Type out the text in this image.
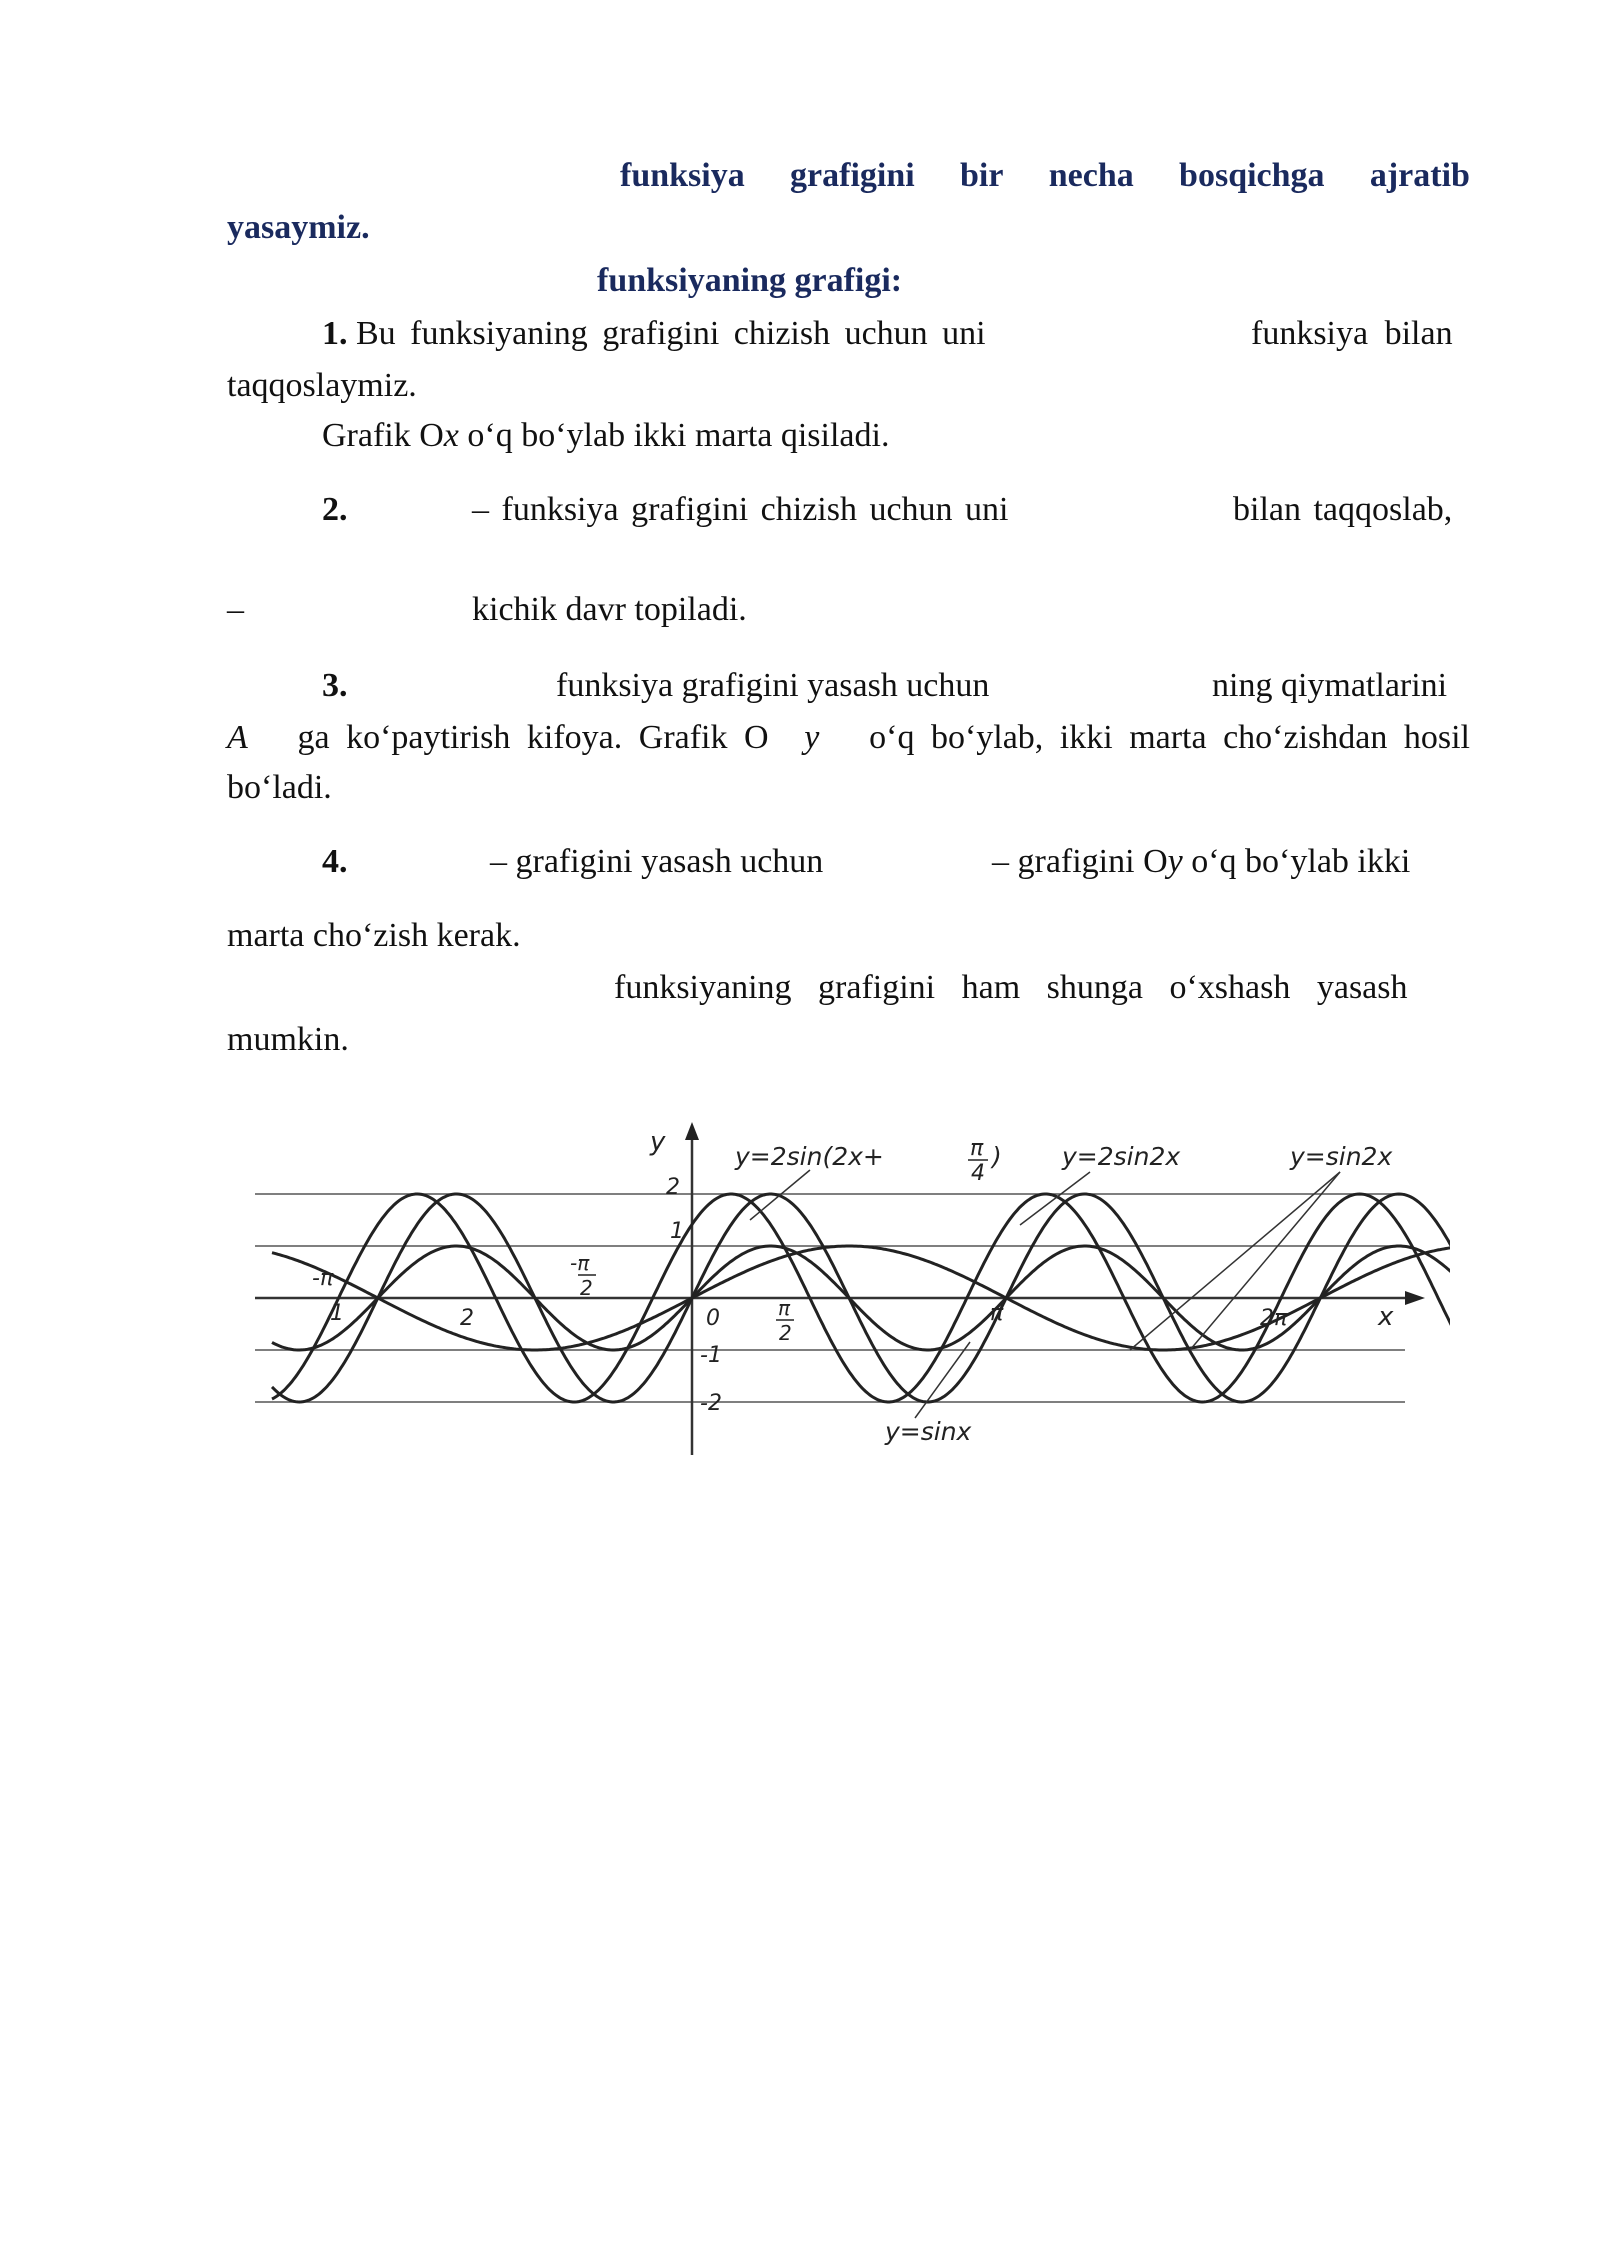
funksiya grafigini bir necha bosqichga ajratib
yasaymiz.
funksiyaning grafigi:
1. Bu funksiyaning grafigini chizish uchun uni	funksiya bilan
taqqoslaymiz.
Grafik Ox o‘q bo‘ylab ikki marta qisiladi.
2.	– funksiya grafigini chizish uchun uni	bilan taqqoslab,
–	kichik davr topiladi.
3.	funksiya grafigini yasash uchun	ning qiymatlarini
A ga ko‘paytirish kifoya. Grafik O y o‘q bo‘ylab, ikki marta cho‘zishdan hosil
bo‘ladi.
4.	– grafigini yasash uchun	– grafigini Oy o‘q bo‘ylab ikki
marta cho‘zish kerak.
funksiyaning grafigini ham shunga o‘xshash yasash
mumkin.
y
x
y=2sin(2x+	π
4
) y=2sin2x	y=sin2x
y=sinx
2
1
0
-1
-2
-π
-π
2
π
2
π	2π
1	2
